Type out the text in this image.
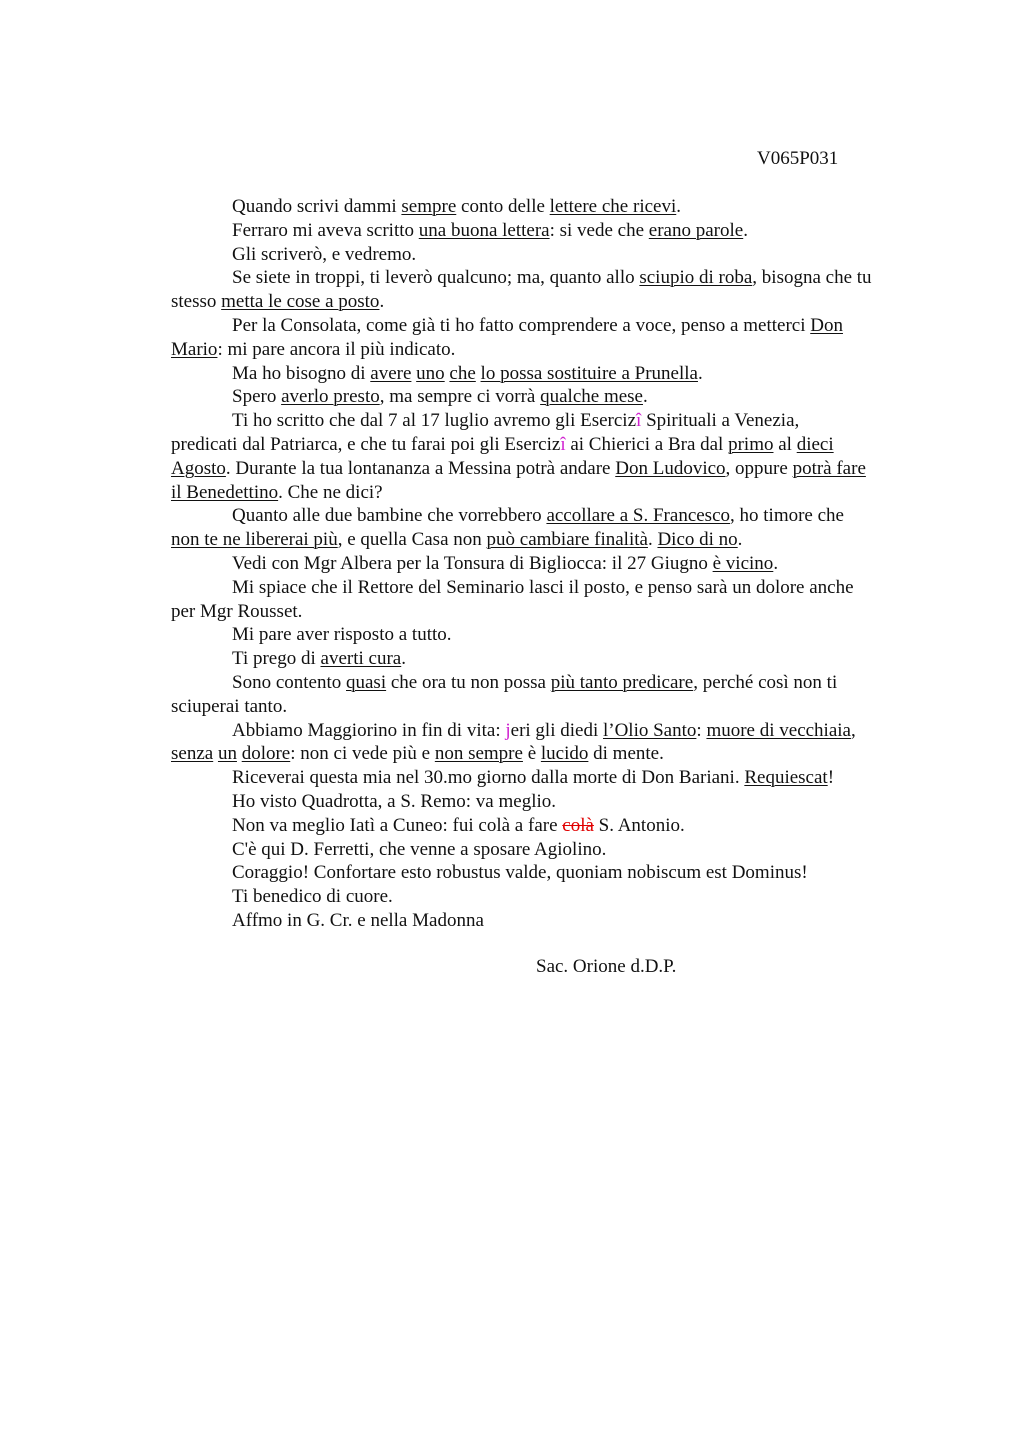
V065P031

Quando scrivi dammi sempre conto delle lettere che ricevi.

Ferraro mi aveva scritto una buona lettera: si vede che erano parole.

Gli scriverò, e vedremo.

Se siete in troppi, ti leverò qualcuno; ma, quanto allo sciupio di roba, bisogna che tu
stesso metta le cose a posto.

Per la Consolata, come già ti ho fatto comprendere a voce, penso a metterci Don
Mario: mi pare ancora il più indicato.

Ma ho bisogno di avere uno che lo possa sostituire a Prunella.

Spero averlo presto, ma sempre ci vorrà qualche mese.

Ti ho scritto che dal 7 al 17 luglio avremo gli Esercizî Spirituali a Venezia,
predicati dal Patriarca, e che tu farai poi gli Esercizî ai Chierici a Bra dal primo al dieci
Agosto. Durante la tua lontananza a Messina potrà andare Don Ludovico, oppure potrà fare
il Benedettino. Che ne dici?

Quanto alle due bambine che vorrebbero accollare a S. Francesco, ho timore che
non te ne libererai più, e quella Casa non può cambiare finalità. Dico di no.

Vedi con Mgr Albera per la Tonsura di Bigliocca: il 27 Giugno è vicino.

Mi spiace che il Rettore del Seminario lasci il posto, e penso sarà un dolore anche
per Mgr Rousset.

Mi pare aver risposto a tutto.

Ti prego di averti cura.

Sono contento quasi che ora tu non possa più tanto predicare, perché così non ti
sciuperai tanto.

Abbiamo Maggiorino in fin di vita: jeri gli diedi l’Olio Santo: muore di vecchiaia,
senza un dolore: non ci vede più e non sempre è lucido di mente.

Riceverai questa mia nel 30.mo giorno dalla morte di Don Bariani. Requiescat!

Ho visto Quadrotta, a S. Remo: va meglio.

Non va meglio Iatì a Cuneo: fui colà a fare colà S. Antonio.

C'è qui D. Ferretti, che venne a sposare Agiolino.

Coraggio! Confortare esto robustus valde, quoniam nobiscum est Dominus!

Ti benedico di cuore.

Affmo in G. Cr. e nella Madonna

Sac. Orione d.D.P.
